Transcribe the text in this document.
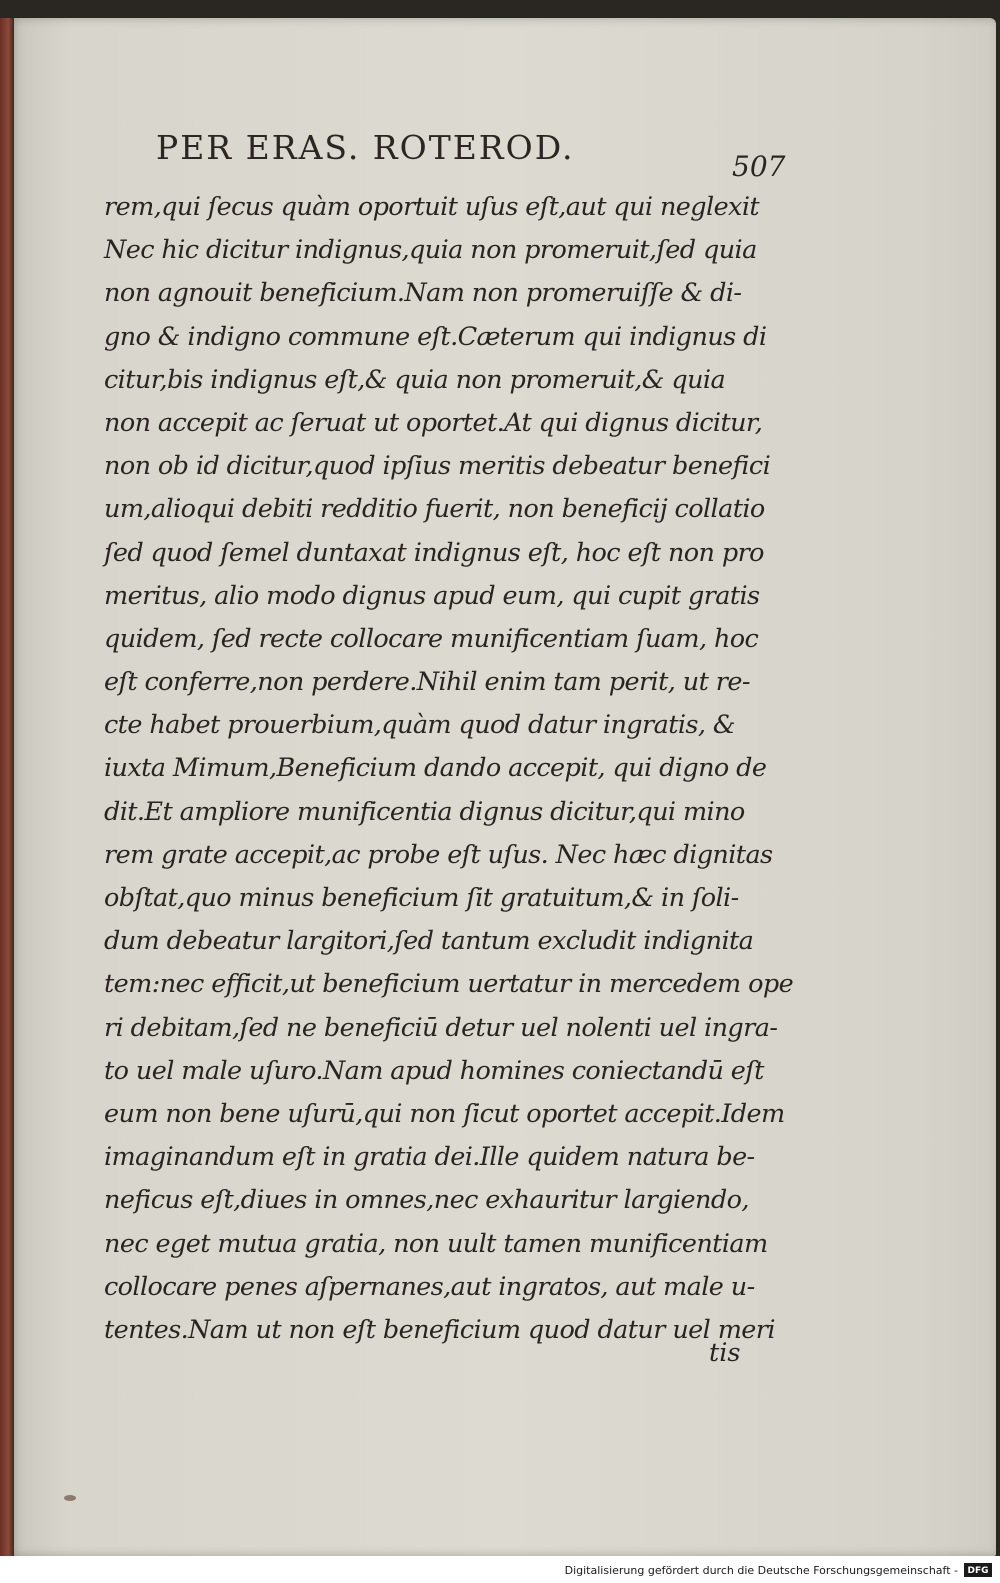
PER ERAS. ROTEROD.	507
rem,qui ſecus quàm oportuit uſus eſt,aut qui neglexit
Nec hic dicitur indignus,quia non promeruit,ſed quia
non agnouit beneficium.Nam non promeruiſſe & di-
gno & indigno commune eſt.Cæterum qui indignus di
citur,bis indignus eſt,& quia non promeruit,& quia
non accepit ac ſeruat ut oportet.At qui dignus dicitur,
non ob id dicitur,quod ipſius meritis debeatur benefici
um,alioqui debiti redditio fuerit, non beneficij collatio
ſed quod ſemel duntaxat indignus eſt, hoc eſt non pro
meritus, alio modo dignus apud eum, qui cupit gratis
quidem, ſed recte collocare munificentiam ſuam, hoc
eſt conferre,non perdere.Nihil enim tam perit, ut re-
cte habet prouerbium,quàm quod datur ingratis, &
iuxta Mimum,Beneficium dando accepit, qui digno de
dit.Et ampliore munificentia dignus dicitur,qui mino
rem grate accepit,ac probe eſt uſus. Nec hæc dignitas
obſtat,quo minus beneficium ſit gratuitum,& in ſoli-
dum debeatur largitori,ſed tantum excludit indignita
tem:nec efficit,ut beneficium uertatur in mercedem ope
ri debitam,ſed ne beneficiū detur uel nolenti uel ingra-
to uel male uſuro.Nam apud homines coniectandū eſt
eum non bene uſurū,qui non ſicut oportet accepit.Idem
imaginandum eſt in gratia dei.Ille quidem natura be-
neficus eſt,diues in omnes,nec exhauritur largiendo,
nec eget mutua gratia, non uult tamen munificentiam
collocare penes aſpernanes,aut ingratos, aut male u-
tentes.Nam ut non eſt beneficium quod datur uel meri
tis
Digitalisierung gefördert durch die Deutsche Forschungsgemeinschaft -	DFG
